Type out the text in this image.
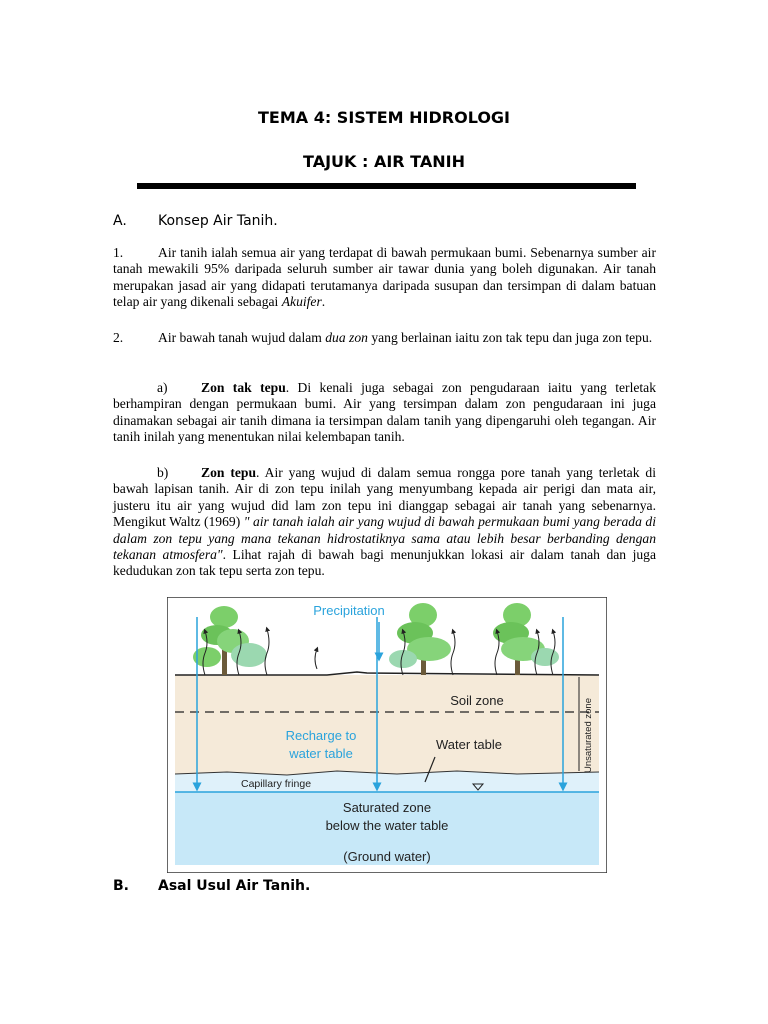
TEMA 4: SISTEM HIDROLOGI
TAJUK : AIR TANIH
A. Konsep Air Tanih.
1.	Air tanih ialah semua air yang terdapat di bawah permukaan bumi. Sebenarnya sumber air tanah mewakili 95% daripada seluruh sumber air tawar dunia yang boleh digunakan. Air tanah merupakan jasad air yang didapati terutamanya daripada susupan dan tersimpan di dalam batuan telap air yang dikenali sebagai Akuifer.
2.	Air bawah tanah wujud dalam dua zon yang berlainan iaitu zon tak tepu dan juga zon tepu.
a) Zon tak tepu. Di kenali juga sebagai zon pengudaraan iaitu yang terletak berhampiran dengan permukaan bumi. Air yang tersimpan dalam zon pengudaraan ini juga dinamakan sebagai air tanih dimana ia tersimpan dalam tanih yang dipengaruhi oleh tegangan. Air tanih inilah yang menentukan nilai kelembapan tanih.
b) Zon tepu. Air yang wujud di dalam semua rongga pore tanah yang terletak di bawah lapisan tanih. Air di zon tepu inilah yang menyumbang kepada air perigi dan mata air, justeru itu air yang wujud did lam zon tepu ini dianggap sebagai air tanah yang sebenarnya. Mengikut Waltz (1969) " air tanah ialah air yang wujud di bawah permukaan bumi yang berada di dalam zon tepu yang mana tekanan hidrostatiknya sama atau lebih besar berbanding dengan tekanan atmosfera". Lihat rajah di bawah bagi menunjukkan lokasi air dalam tanah dan juga kedudukan zon tak tepu serta zon tepu.
Precipitation
Soil zone
Recharge to
water table
Water table
Capillary fringe
Unsaturated zone
Saturated zone
below the water table
(Ground water)
B. Asal Usul Air Tanih.
